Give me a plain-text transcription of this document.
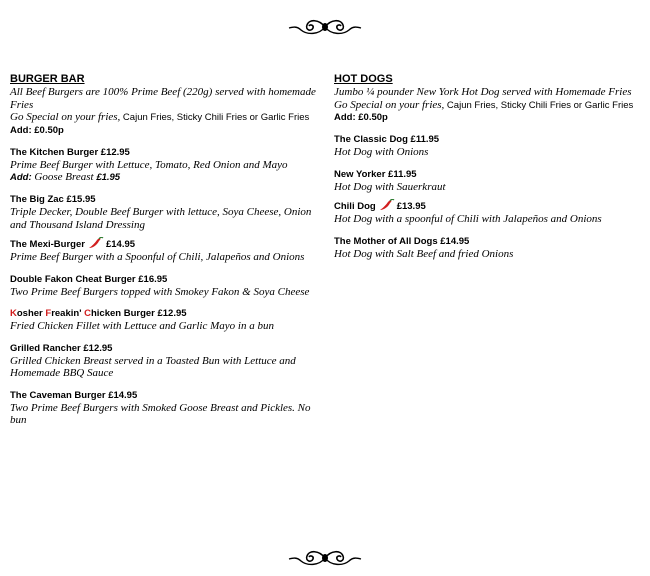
BURGER BAR
All Beef Burgers are 100% Prime Beef (220g) served with homemade Fries
Go Special on your fries, Cajun Fries, Sticky Chili Fries or Garlic Fries
Add: £0.50p
The Kitchen Burger £12.95
Prime Beef Burger with Lettuce, Tomato, Red Onion and Mayo
Add: Goose Breast £1.95
The Big Zac £15.95
Triple Decker, Double Beef Burger with lettuce, Soya Cheese, Onion and Thousand Island Dressing
The Mexi-Burger £14.95
Prime Beef Burger with a Spoonful of Chili, Jalapeños and Onions
Double Fakon Cheat Burger £16.95
Two Prime Beef Burgers topped with Smokey Fakon & Soya Cheese
Kosher Freakin' Chicken Burger £12.95
Fried Chicken Fillet with Lettuce and Garlic Mayo in a bun
Grilled Rancher £12.95
Grilled Chicken Breast served in a Toasted Bun with Lettuce and Homemade BBQ Sauce
The Caveman Burger £14.95
Two Prime Beef Burgers with Smoked Goose Breast and Pickles. No bun
HOT DOGS
Jumbo ¼ pounder New York Hot Dog served with Homemade Fries
Go Special on your fries, Cajun Fries, Sticky Chili Fries or Garlic Fries
Add: £0.50p
The Classic Dog £11.95
Hot Dog with Onions
New Yorker £11.95
Hot Dog with Sauerkraut
Chili Dog £13.95
Hot Dog with a spoonful of Chili with Jalapeños and Onions
The Mother of All Dogs £14.95
Hot Dog with Salt Beef and fried Onions
